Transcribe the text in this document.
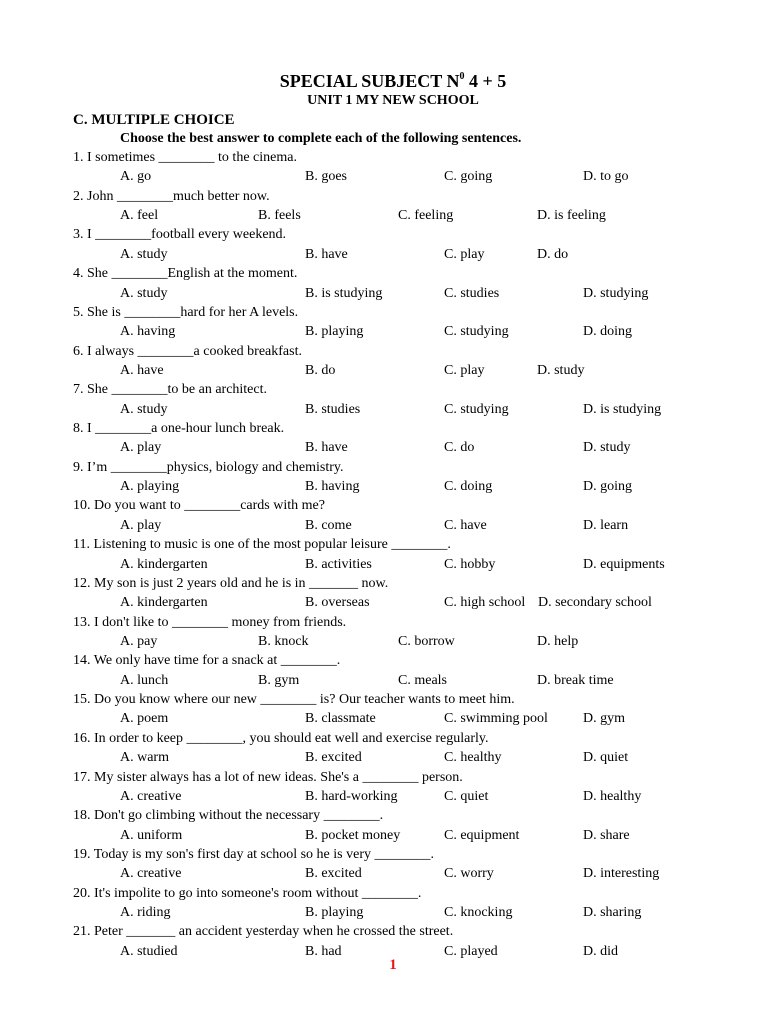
SPECIAL SUBJECT $N^0$ 4 + 5
UNIT 1 MY NEW SCHOOL
C. MULTIPLE CHOICE
Choose the best answer to complete each of the following sentences.
1. I sometimes ________ to the cinema.
A. go	B. goes	C. going	D. to go
2. John ________much better now.
A. feel	B. feels	C. feeling	D. is feeling
3. I ________football every weekend.
A. study	B. have	C. play	D. do
4. She ________English at the moment.
A. study	B. is studying	C. studies	D. studying
5. She is ________hard for her A levels.
A. having	B. playing	C. studying	D. doing
6. I always ________a cooked breakfast.
A. have	B. do	C. play	D. study
7. She ________to be an architect.
A. study	B. studies	C. studying	D. is studying
8. I ________a one-hour lunch break.
A. play	B. have	C. do	D. study
9. I’m ________physics, biology and chemistry.
A. playing	B. having	C. doing	D. going
10. Do you want to ________cards with me?
A. play	B. come	C. have	D. learn
11. Listening to music is one of the most popular leisure ________.
A. kindergarten	B. activities	C. hobby	D. equipments
12. My son is just 2 years old and he is in _______ now.
A. kindergarten	B. overseas	C. high school D. secondary school
13. I don't like to ________ money from friends.
A. pay	B. knock	C. borrow	D. help
14. We only have time for a snack at ________.
A. lunch	B. gym	C. meals	D. break time
15. Do you know where our new ________ is? Our teacher wants to meet him.
A. poem	B. classmate	C. swimming pool	D. gym
16. In order to keep ________, you should eat well and exercise regularly.
A. warm	B. excited	C. healthy	D. quiet
17. My sister always has a lot of new ideas. She's a ________ person.
A. creative	B. hard-working	C. quiet	D. healthy
18. Don't go climbing without the necessary ________.
A. uniform	B. pocket money	C. equipment	D. share
19. Today is my son's first day at school so he is very ________.
A. creative	B. excited	C. worry	D. interesting
20. It's impolite to go into someone's room without ________.
A. riding	B. playing	C. knocking	D. sharing
21. Peter _______ an accident yesterday when he crossed the street.
A. studied	B. had	C. played	D. did
1
